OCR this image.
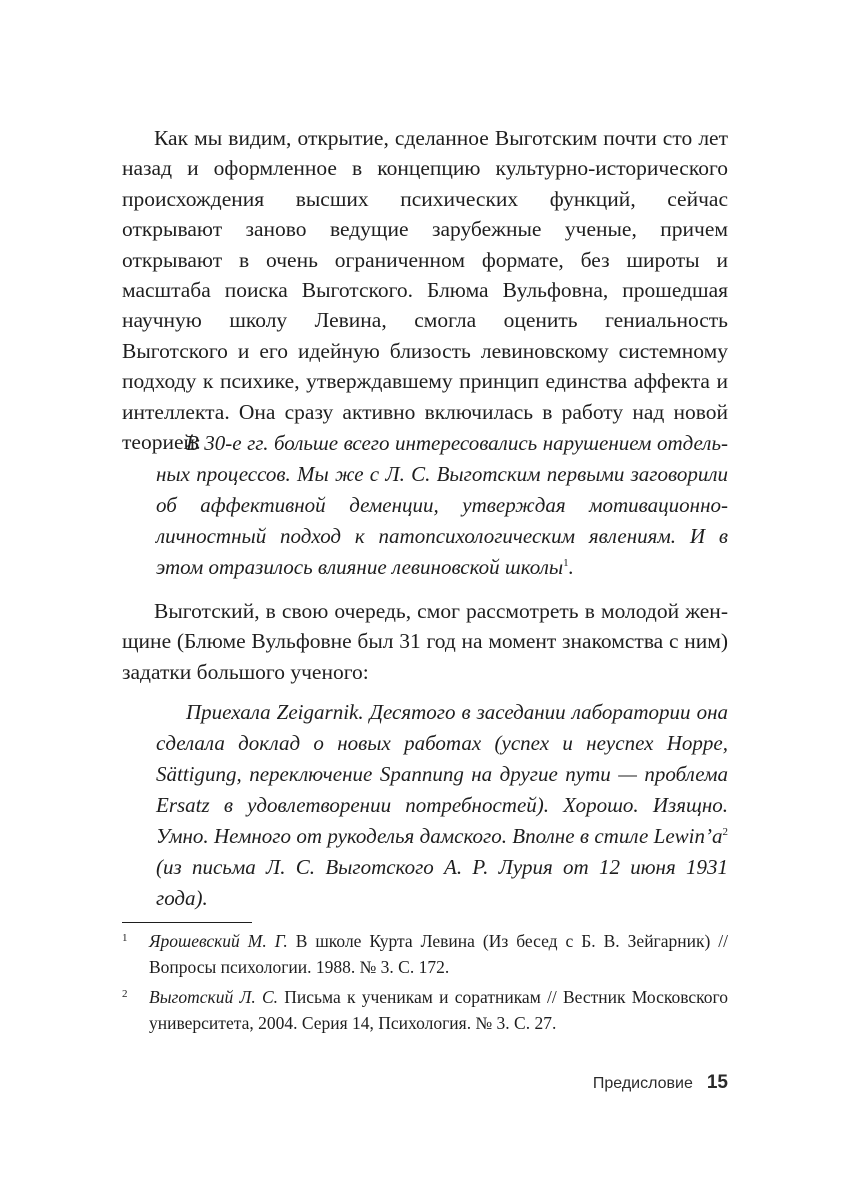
Как мы видим, открытие, сделанное Выготским почти сто лет назад и оформленное в концепцию культурно-исторического происхождения высших психических функций, сейчас открывают заново ведущие зарубежные ученые, причем открывают в очень ограниченном формате, без широты и масштаба поиска Выготского. Блюма Вульфовна, прошедшая научную школу Левина, смогла оценить гениальность Выготского и его идейную близость левиновскому системному подходу к психике, утверждавшему принцип единства аффекта и интеллекта. Она сразу активно включилась в работу над новой теорией:

В 30-е гг. больше всего интересовались нарушением отдельных процессов. Мы же с Л. С. Выготским первыми заговорили об аффективной деменции, утверждая мотивационно-личностный подход к патопсихологическим явлениям. И в этом отразилось влияние левиновской школы$^1$.

Выготский, в свою очередь, смог рассмотреть в молодой женщине (Блюме Вульфовне был 31 год на момент знакомства с ним) задатки большого ученого:

Приехала Zeigarnik. Десятого в заседании лаборатории она сделала доклад о новых работах (успех и неуспех Hoppe, Sättigung, переключение Spannung на другие пути — проблема Ersatz в удовлетворении потребностей). Хорошо. Изящно. Умно. Немного от рукоделья дамского. Вполне в стиле $Lewin’a^2$ (из письма Л. С. Выготского А. Р. Лурия от 12 июня 1931 года).

1 Ярошевский М. Г. В школе Курта Левина (Из бесед с Б. В. Зейгарник) // Вопросы психологии. 1988. № 3. С. 172.

2 Выготский Л. С. Письма к ученикам и соратникам // Вестник Московского университета, 2004. Серия 14, Психология. № 3. С. 27.

Предисловие 15
